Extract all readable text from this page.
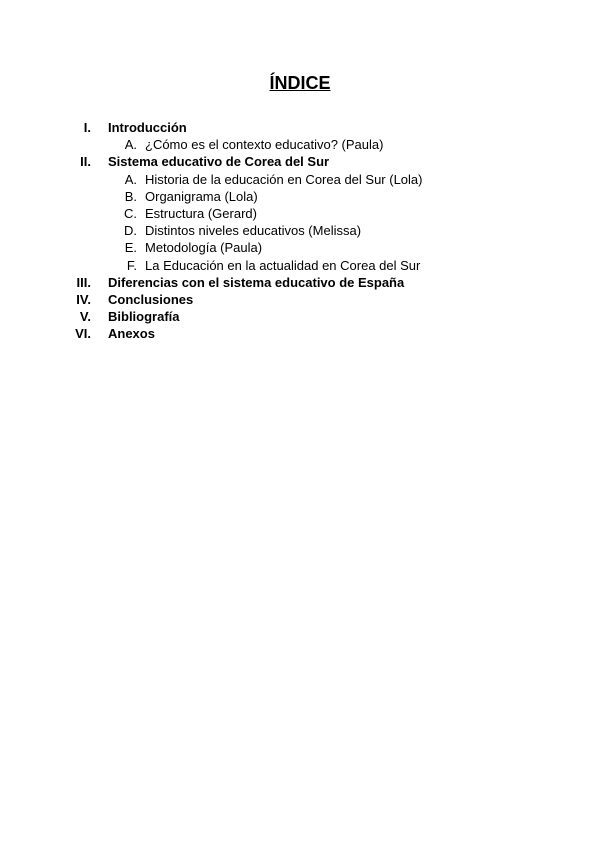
ÍNDICE
I. Introducción
A. ¿Cómo es el contexto educativo? (Paula)
II. Sistema educativo de Corea del Sur
A. Historia de la educación en Corea del Sur (Lola)
B. Organigrama (Lola)
C. Estructura (Gerard)
D. Distintos niveles educativos (Melissa)
E. Metodología (Paula)
F. La Educación en la actualidad en Corea del Sur
III. Diferencias con el sistema educativo de España
IV. Conclusiones
V. Bibliografía
VI. Anexos
